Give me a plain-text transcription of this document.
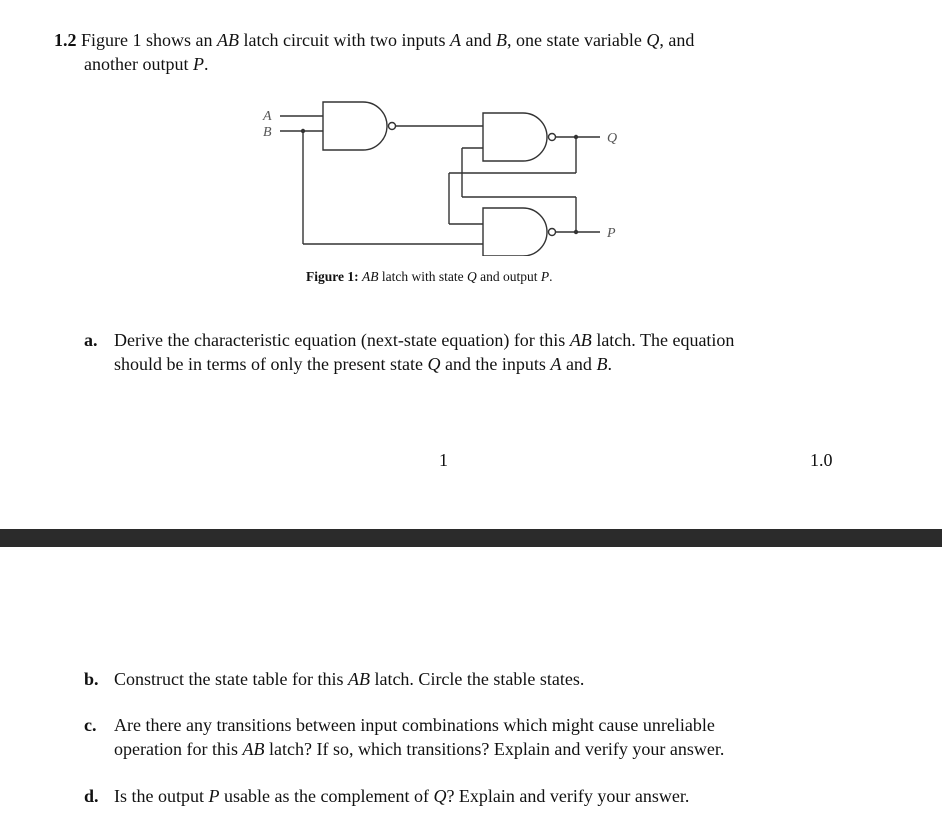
1.2 Figure 1 shows an AB latch circuit with two inputs A and B, one state variable Q, and
another output P.
A
B	Q
P
Figure 1: AB latch with state Q and output P.
a. Derive the characteristic equation (next-state equation) for this AB latch. The equation
should be in terms of only the present state Q and the inputs A and B.
1	1.0
b. Construct the state table for this AB latch. Circle the stable states.
c. Are there any transitions between input combinations which might cause unreliable
operation for this AB latch? If so, which transitions? Explain and verify your answer.
d. Is the output P usable as the complement of Q? Explain and verify your answer.
